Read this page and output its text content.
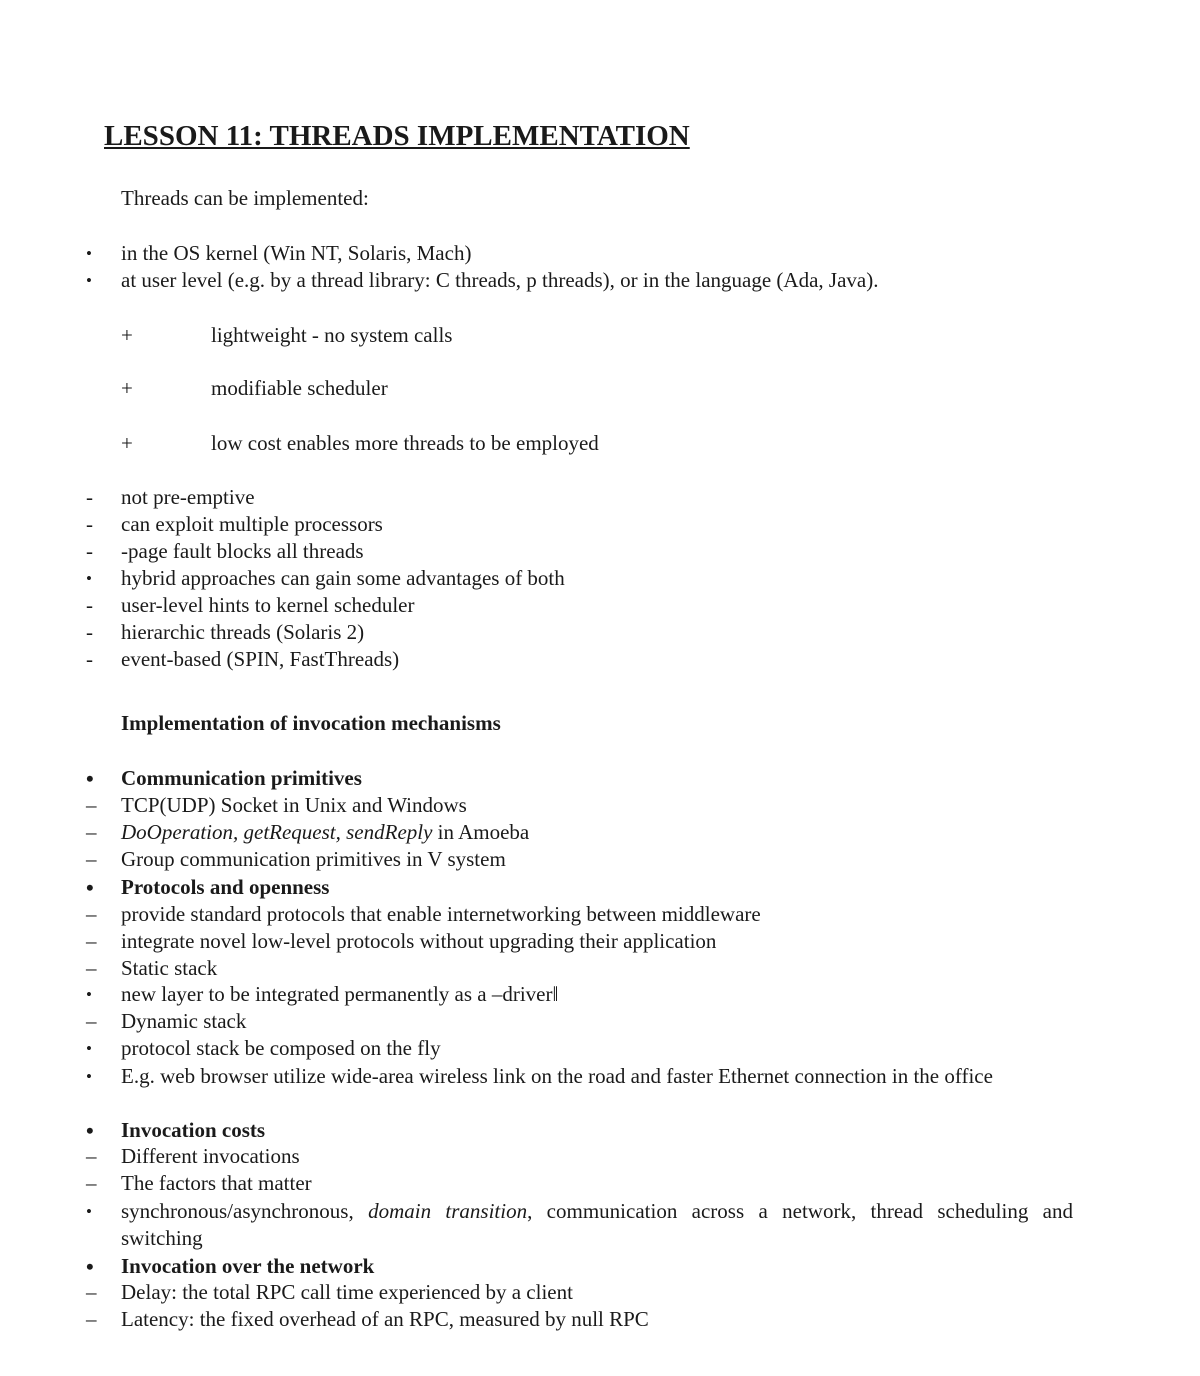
LESSON 11: THREADS IMPLEMENTATION
Threads can be implemented:
•	in the OS kernel (Win NT, Solaris, Mach)
•	at user level (e.g. by a thread library: C threads, p threads), or in the language (Ada, Java).
+	lightweight - no system calls
+	modifiable scheduler
+	low cost enables more threads to be employed
-	not pre-emptive
-	can exploit multiple processors
-	-page fault blocks all threads
•	hybrid approaches can gain some advantages of both
-	user-level hints to kernel scheduler
-	hierarchic threads (Solaris 2)
-	event-based (SPIN, FastThreads)
Implementation of invocation mechanisms
•	Communication primitives
–	TCP(UDP) Socket in Unix and Windows
–	DoOperation, getRequest, sendReply in Amoeba
–	Group communication primitives in V system
•	Protocols and openness
–	provide standard protocols that enable internetworking between middleware
–	integrate novel low-level protocols without upgrading their application
–	Static stack
•	new layer to be integrated permanently as a –driver‖
–	Dynamic stack
•	protocol stack be composed on the fly
•	E.g. web browser utilize wide-area wireless link on the road and faster Ethernet connection in the office
•	Invocation costs
–	Different invocations
–	The factors that matter
•	synchronous/asynchronous, domain transition, communication across a network, thread scheduling and switching
•	Invocation over the network
–	Delay: the total RPC call time experienced by a client
–	Latency: the fixed overhead of an RPC, measured by null RPC
